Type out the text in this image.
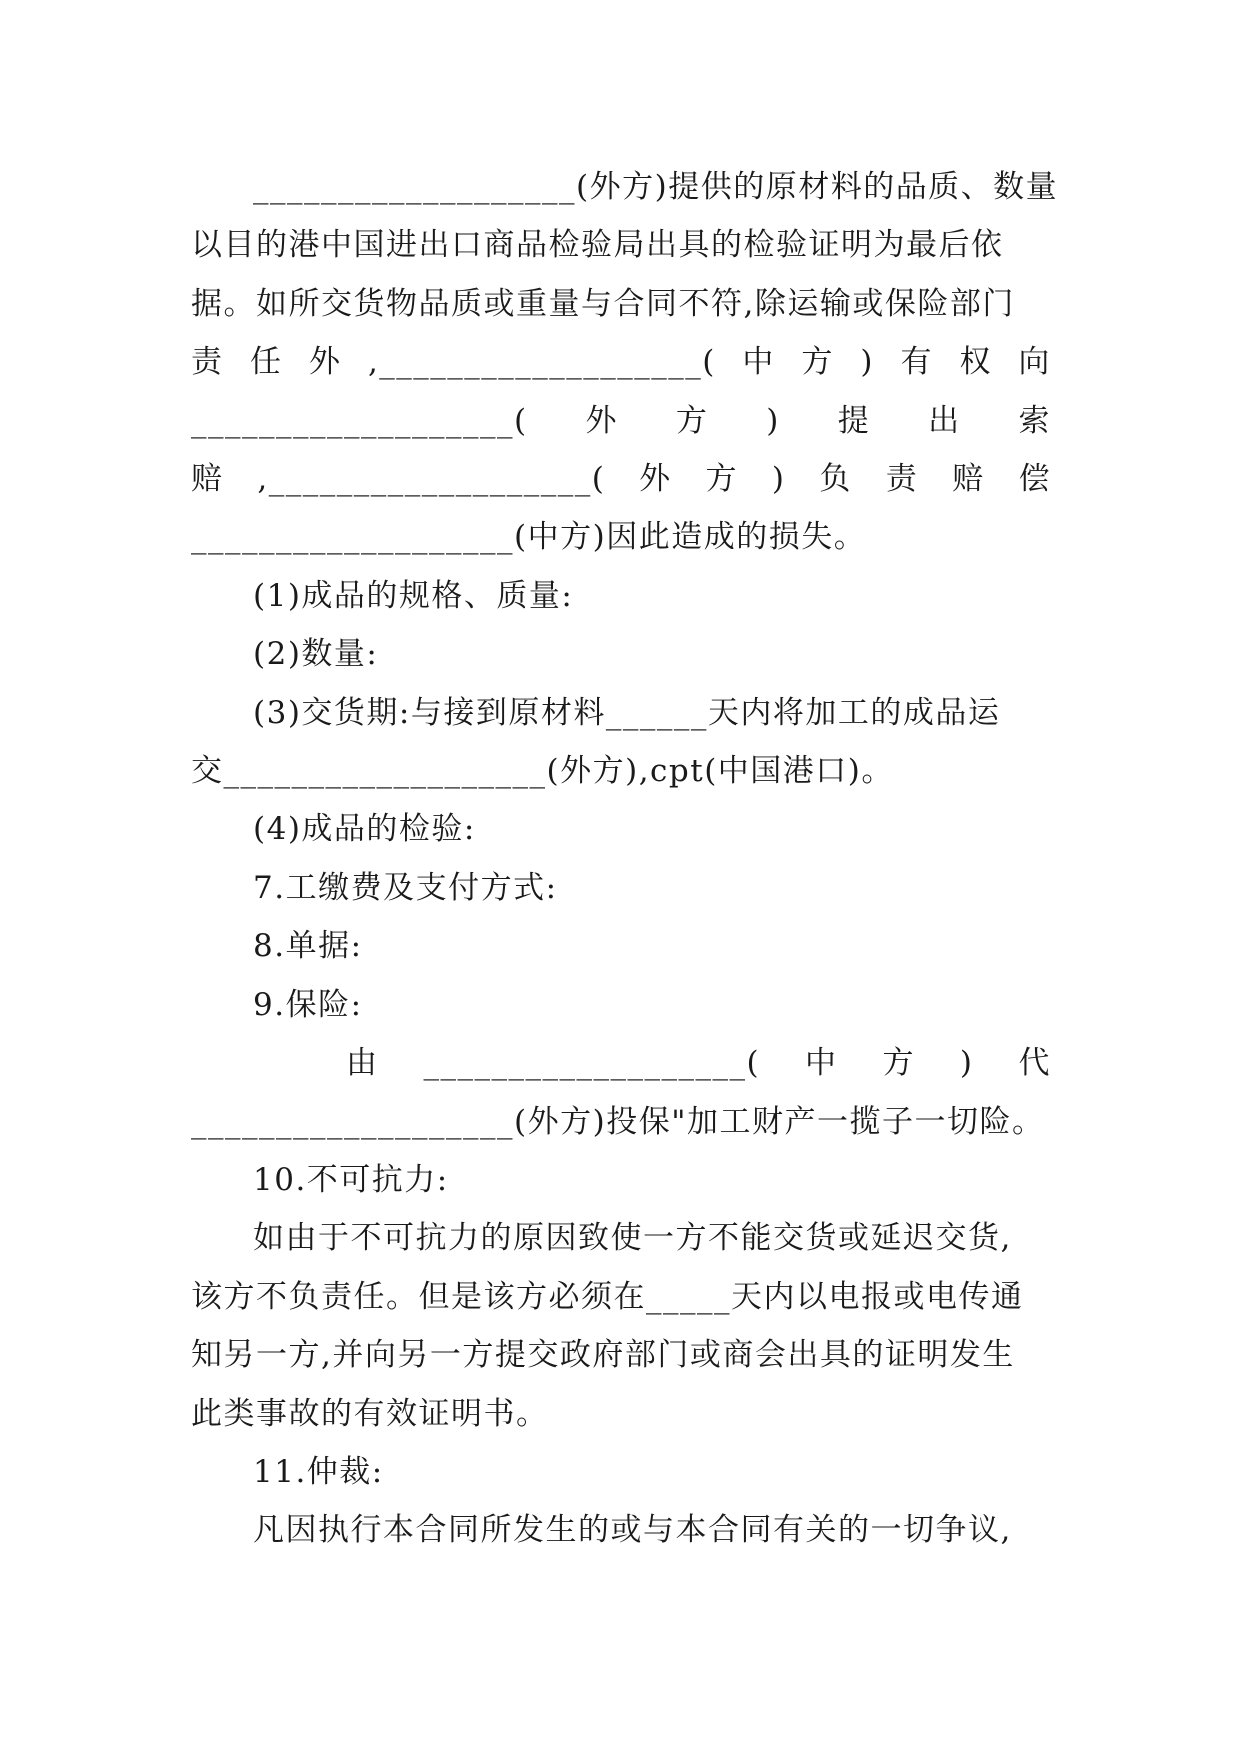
___________________(外方)提供的原材料的品质、数量
以目的港中国进出口商品检验局出具的检验证明为最后依
据。如所交货物品质或重量与合同不符,除运输或保险部门
责 任 外 ,___________________( 中 方 ) 有 权 向
___________________( 外 方 ) 提 出 索
赔 ,___________________( 外 方 ) 负 责 赔 偿
___________________(中方)因此造成的损失。
(1)成品的规格、质量:
(2)数量:
(3)交货期:与接到原材料______天内将加工的成品运
交___________________(外方),cpt(中国港口)。
(4)成品的检验:
7.工缴费及支付方式:
8.单据:
9.保险:
由 ___________________( 中 方 ) 代
___________________(外方)投保"加工财产一揽子一切险。
10.不可抗力:
如由于不可抗力的原因致使一方不能交货或延迟交货,
该方不负责任。但是该方必须在_____天内以电报或电传通
知另一方,并向另一方提交政府部门或商会出具的证明发生
此类事故的有效证明书。
11.仲裁:
凡因执行本合同所发生的或与本合同有关的一切争议,
